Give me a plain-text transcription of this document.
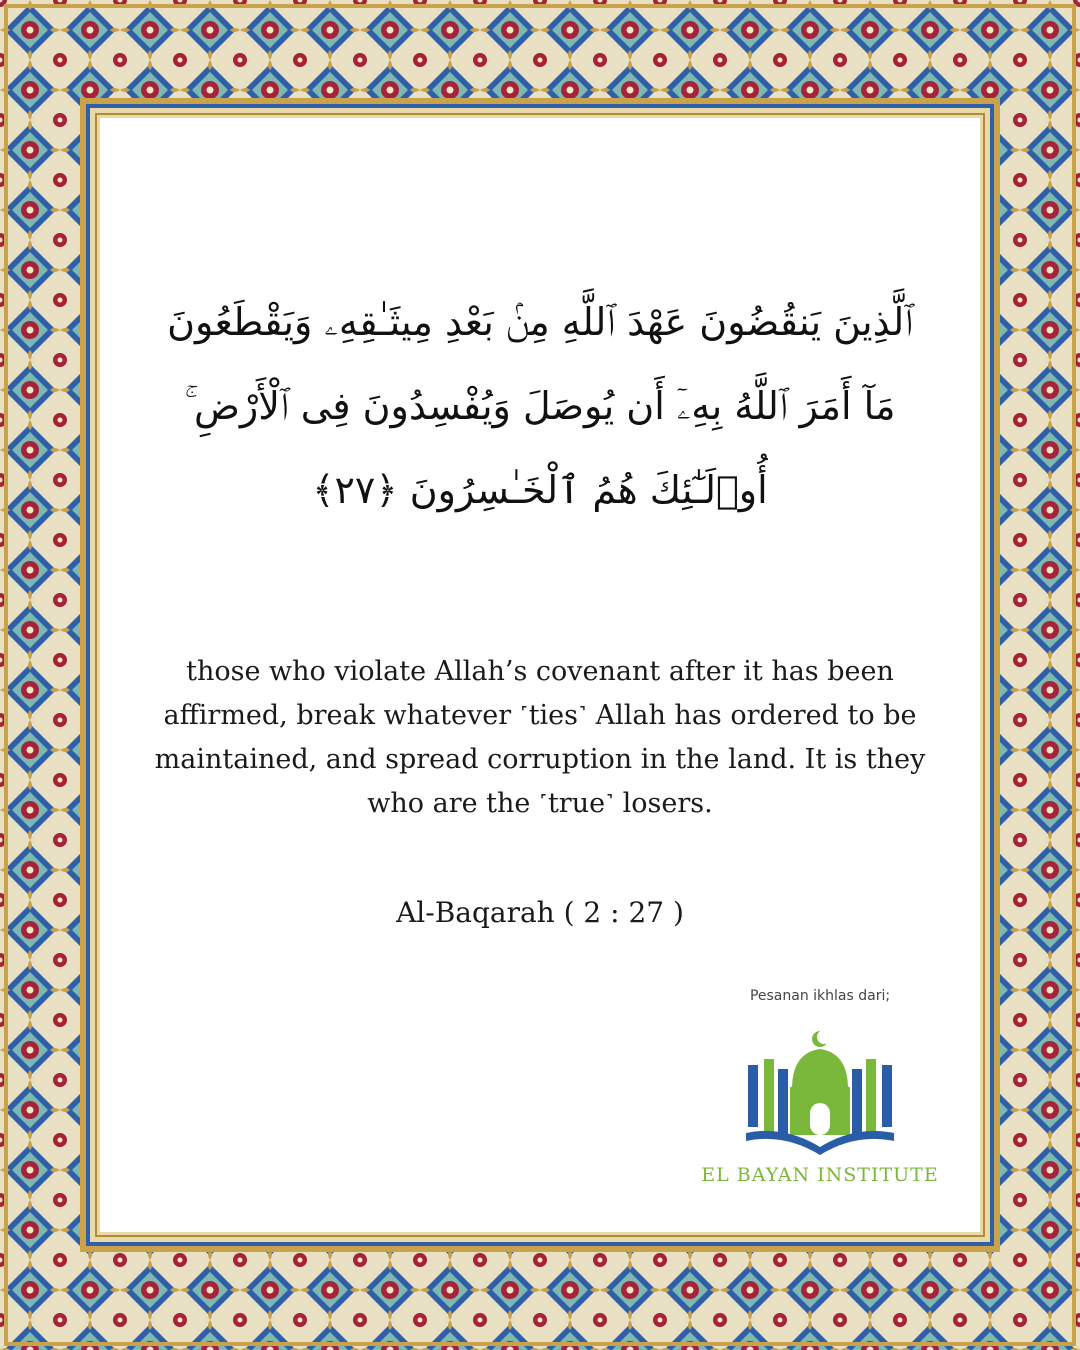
ٱلَّذِينَ يَنقُضُونَ عَهْدَ ٱللَّهِ مِنۢ بَعْدِ مِيثَـٰقِهِۦ وَيَقْطَعُونَ
مَآ أَمَرَ ٱللَّهُ بِهِۦٓ أَن يُوصَلَ وَيُفْسِدُونَ فِى ٱلْأَرْضِ ۚ
أُو۟لَـٰٓئِكَ هُمُ ٱلْخَـٰسِرُونَ ﴿٢٧﴾
those who violate Allah’s covenant after it has been affirmed, break whatever ˹ties˺ Allah has ordered to be maintained, and spread corruption in the land. It is they who are the ˹true˺ losers.
Al-Baqarah ( 2 : 27 )
Pesanan ikhlas dari;
EL BAYAN INSTITUTE
